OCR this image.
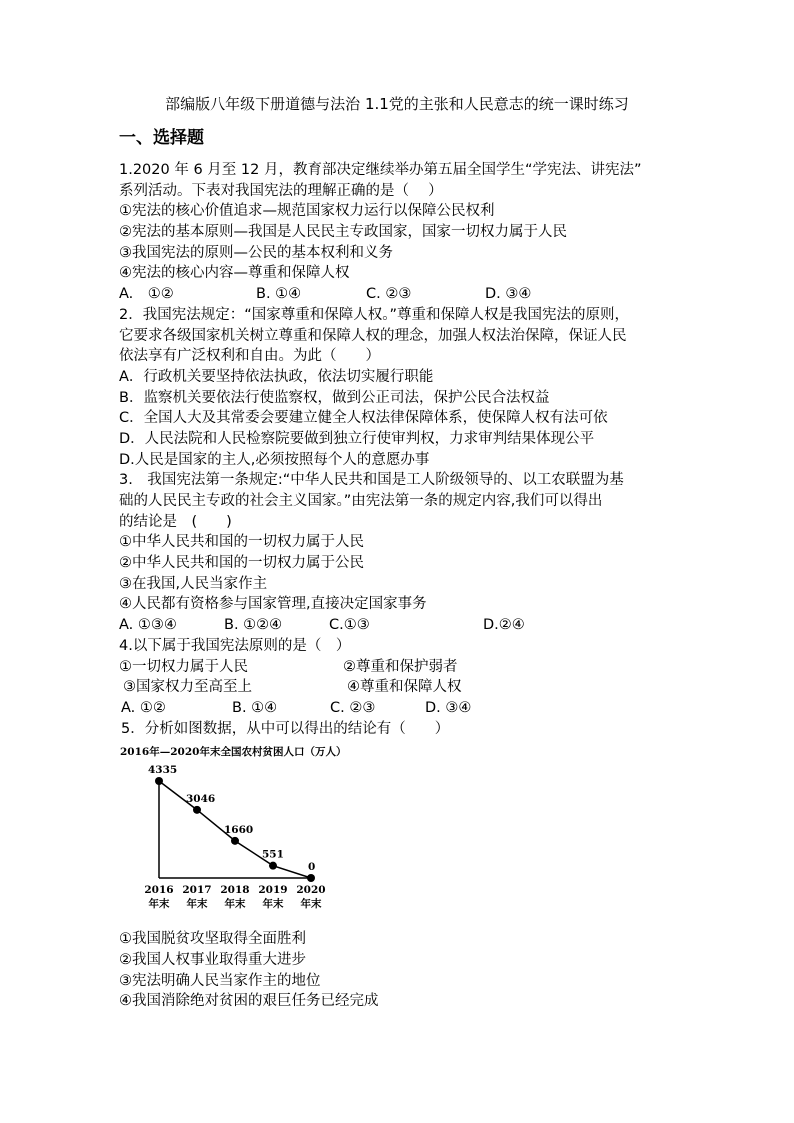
部编版八年级下册道德与法治 1.1党的主张和人民意志的统一课时练习
一、选择题
1.2020 年 6 月至 12 月，教育部决定继续举办第五届全国学生“学宪法、讲宪法”
系列活动。下表对我国宪法的理解正确的是（　 ）
①宪法的核心价值追求—规范国家权力运行以保障公民权利
②宪法的基本原则—我国是人民民主专政国家，国家一切权力属于人民
③我国宪法的原则—公民的基本权利和义务
④宪法的核心内容—尊重和保障人权
A.　①②	B. ①④	C. ②③	D. ③④
2．我国宪法规定：“国家尊重和保障人权。”尊重和保障人权是我国宪法的原则，
它要求各级国家机关树立尊重和保障人权的理念，加强人权法治保障，保证人民
依法享有广泛权利和自由。为此（　　）
A．行政机关要坚持依法执政，依法切实履行职能
B．监察机关要依法行使监察权，做到公正司法，保护公民合法权益
C．全国人大及其常委会要建立健全人权法律保障体系，使保障人权有法可依
D．人民法院和人民检察院要做到独立行使审判权，力求审判结果体现公平
D.人民是国家的主人,必须按照每个人的意愿办事
3.　我国宪法第一条规定:“中华人民共和国是工人阶级领导的、以工农联盟为基
础的人民民主专政的社会主义国家。”由宪法第一条的规定内容,我们可以得出
的结论是　(　　)
①中华人民共和国的一切权力属于人民
②中华人民共和国的一切权力属于公民
③在我国,人民当家作主
④人民都有资格参与国家管理,直接决定国家事务
A. ①③④	B. ①②④	C.①③	D.②④
4.以下属于我国宪法原则的是（　）
①一切权力属于人民	②尊重和保护弱者
③国家权力至高至上	④尊重和保障人权
A. ①②	B. ①④	C. ②③	D. ③④
5．分析如图数据，从中可以得出的结论有（　　）
2016年—2020年末全国农村贫困人口（万人）
4335
2016
年末
3046
2017
年末
1660
2018
年末
551
2019
年末
0
2020
年末
①我国脱贫攻坚取得全面胜利
②我国人权事业取得重大进步
③宪法明确人民当家作主的地位
④我国消除绝对贫困的艰巨任务已经完成
